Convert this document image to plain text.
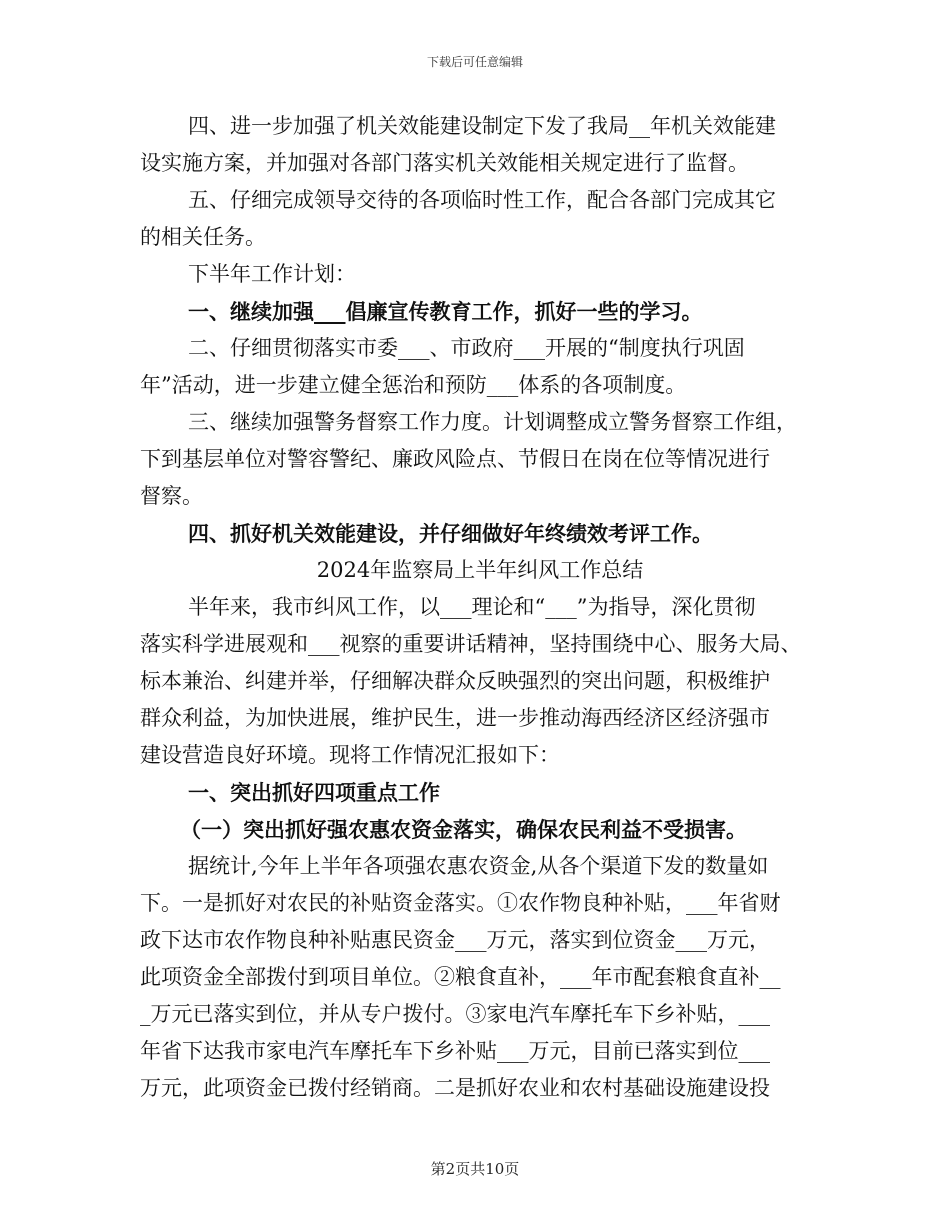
下载后可任意编辑
四、进一步加强了机关效能建设制定下发了我局__年机关效能建
设实施方案，并加强对各部门落实机关效能相关规定进行了监督。
五、仔细完成领导交待的各项临时性工作，配合各部门完成其它
的相关任务。
下半年工作计划：
一、继续加强___倡廉宣传教育工作，抓好一些的学习。
二、仔细贯彻落实市委___、市政府___开展的“制度执行巩固
年”活动，进一步建立健全惩治和预防___体系的各项制度。
三、继续加强警务督察工作力度。计划调整成立警务督察工作组，
下到基层单位对警容警纪、廉政风险点、节假日在岗在位等情况进行
督察。
四、抓好机关效能建设，并仔细做好年终绩效考评工作。
2024年监察局上半年纠风工作总结
半年来，我市纠风工作，以___理论和“___”为指导，深化贯彻
落实科学进展观和___视察的重要讲话精神，坚持围绕中心、服务大局、
标本兼治、纠建并举，仔细解决群众反映强烈的突出问题，积极维护
群众利益，为加快进展，维护民生，进一步推动海西经济区经济强市
建设营造良好环境。现将工作情况汇报如下：
一、突出抓好四项重点工作
（一）突出抓好强农惠农资金落实，确保农民利益不受损害。
据统计,今年上半年各项强农惠农资金,从各个渠道下发的数量如
下。一是抓好对农民的补贴资金落实。①农作物良种补贴，___年省财
政下达市农作物良种补贴惠民资金___万元，落实到位资金___万元，
此项资金全部拨付到项目单位。②粮食直补，___年市配套粮食直补__
_万元已落实到位，并从专户拨付。③家电汽车摩托车下乡补贴，___
年省下达我市家电汽车摩托车下乡补贴___万元，目前已落实到位___
万元，此项资金已拨付经销商。二是抓好农业和农村基础设施建设投
第2页共10页
